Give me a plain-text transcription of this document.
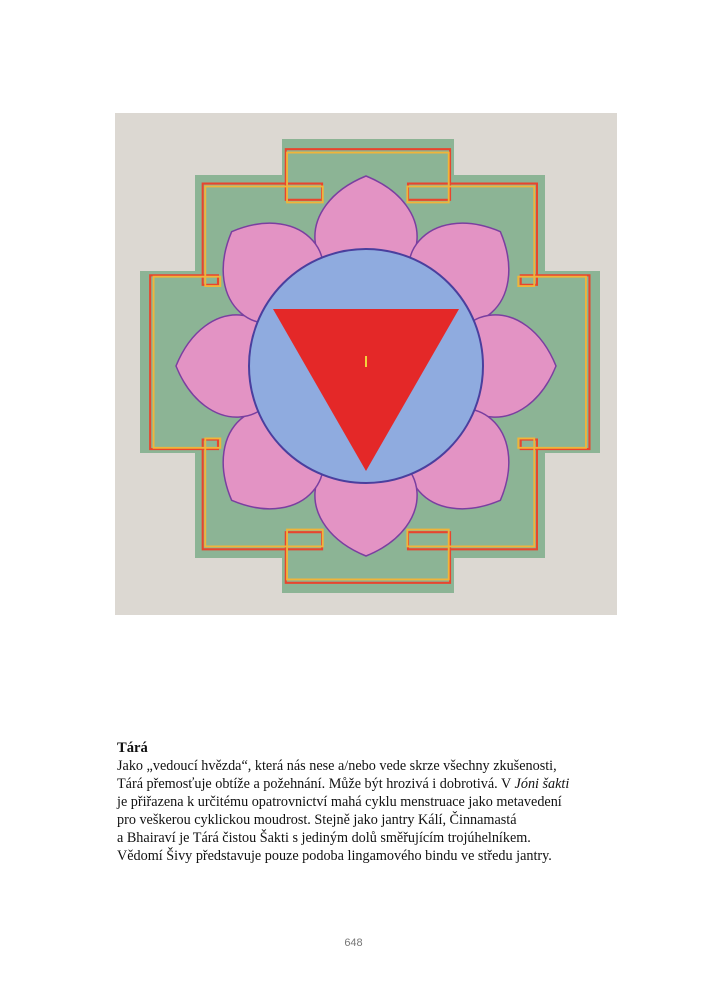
Tárá
Jako „vedoucí hvězda“, která nás nese a/nebo vede skrze všechny zkušenosti,
Tárá přemosťuje obtíže a požehnání. Může být hrozivá i dobrotivá. V Jóni šakti
je přiřazena k určitému opatrovnictví mahá cyklu menstruace jako metavedení
pro veškerou cyklickou moudrost. Stejně jako jantry Kálí, Činnamastá
a Bhairaví je Tárá čistou Šakti s jediným dolů směřujícím trojúhelníkem.
Vědomí Šivy představuje pouze podoba lingamového bindu ve středu jantry.
648
